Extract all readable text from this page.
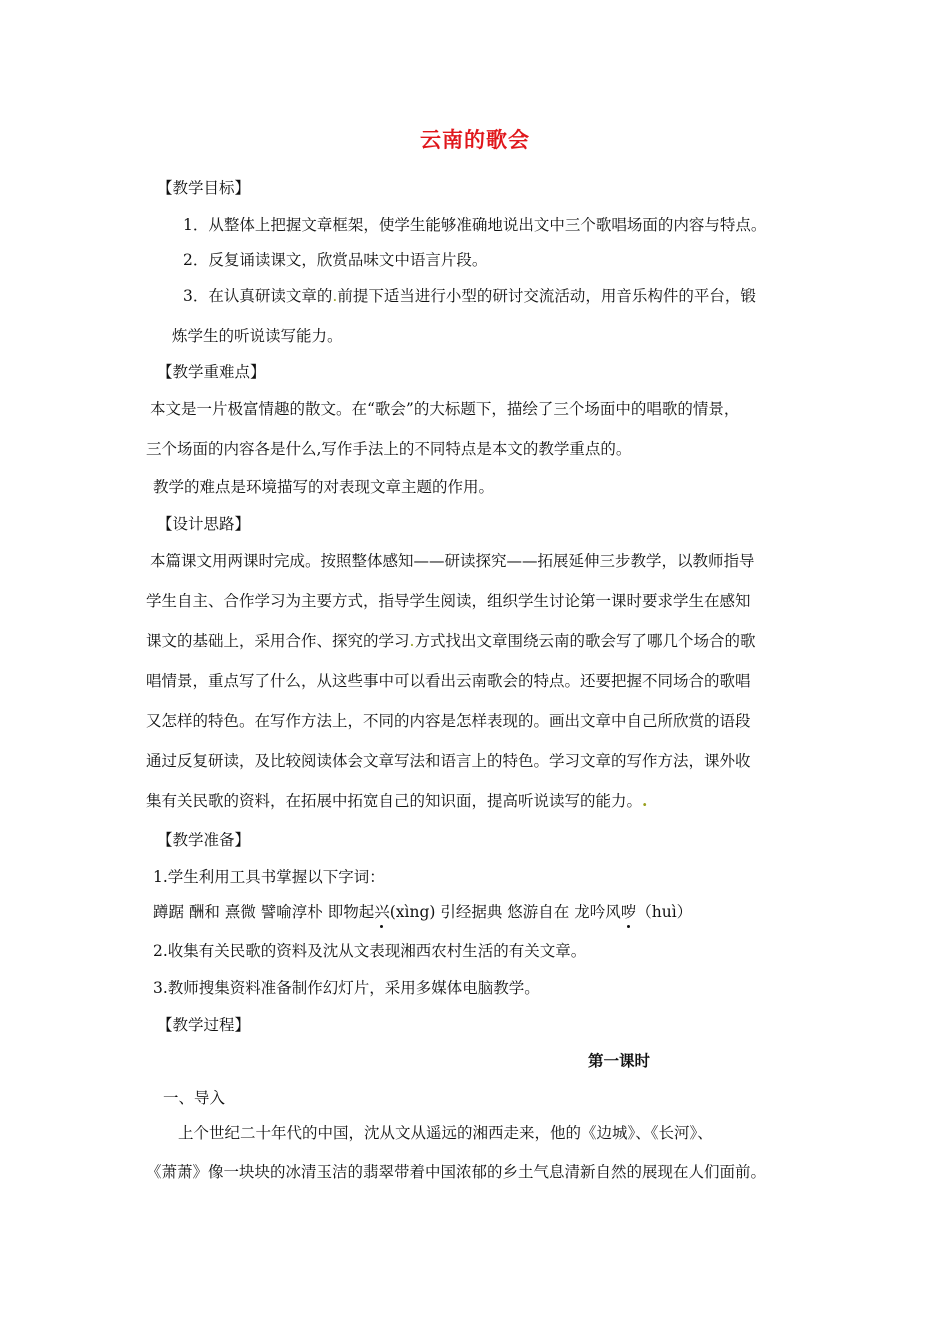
云南的歌会
【教学目标】
1．从整体上把握文章框架，使学生能够准确地说出文中三个歌唱场面的内容与特点。
2．反复诵读课文，欣赏品味文中语言片段。
3．在认真研读文章的.前提下适当进行小型的研讨交流活动，用音乐构件的平台，锻
炼学生的听说读写能力。
【教学重难点】
本文是一片极富情趣的散文。在“歌会”的大标题下，描绘了三个场面中的唱歌的情景，
三个场面的内容各是什么,写作手法上的不同特点是本文的教学重点的。
教学的难点是环境描写的对表现文章主题的作用。
【设计思路】
本篇课文用两课时完成。按照整体感知——研读探究——拓展延伸三步教学，以教师指导
学生自主、合作学习为主要方式，指导学生阅读，组织学生讨论第一课时要求学生在感知
课文的基础上，采用合作、探究的学习.方式找出文章围绕云南的歌会写了哪几个场合的歌
唱情景，重点写了什么，从这些事中可以看出云南歌会的特点。还要把握不同场合的歌唱
又怎样的特色。在写作方法上，不同的内容是怎样表现的。画出文章中自己所欣赏的语段
通过反复研读，及比较阅读体会文章写法和语言上的特色。学习文章的写作方法，课外收
集有关民歌的资料，在拓展中拓宽自己的知识面，提高听说读写的能力。.
【教学准备】
1.学生利用工具书掌握以下字词：
蹲踞 酬和 熹微 譬喻淳朴 即物起兴(xìng) 引经据典 悠游自在 龙吟风哕（huì）
2.收集有关民歌的资料及沈从文表现湘西农村生活的有关文章。
3.教师搜集资料准备制作幻灯片，采用多媒体电脑教学。
【教学过程】
第一课时
一、导入
上个世纪二十年代的中国，沈从文从遥远的湘西走来，他的《边城》、《长河》、
《萧萧》像一块块的冰清玉洁的翡翠带着中国浓郁的乡土气息清新自然的展现在人们面前。
